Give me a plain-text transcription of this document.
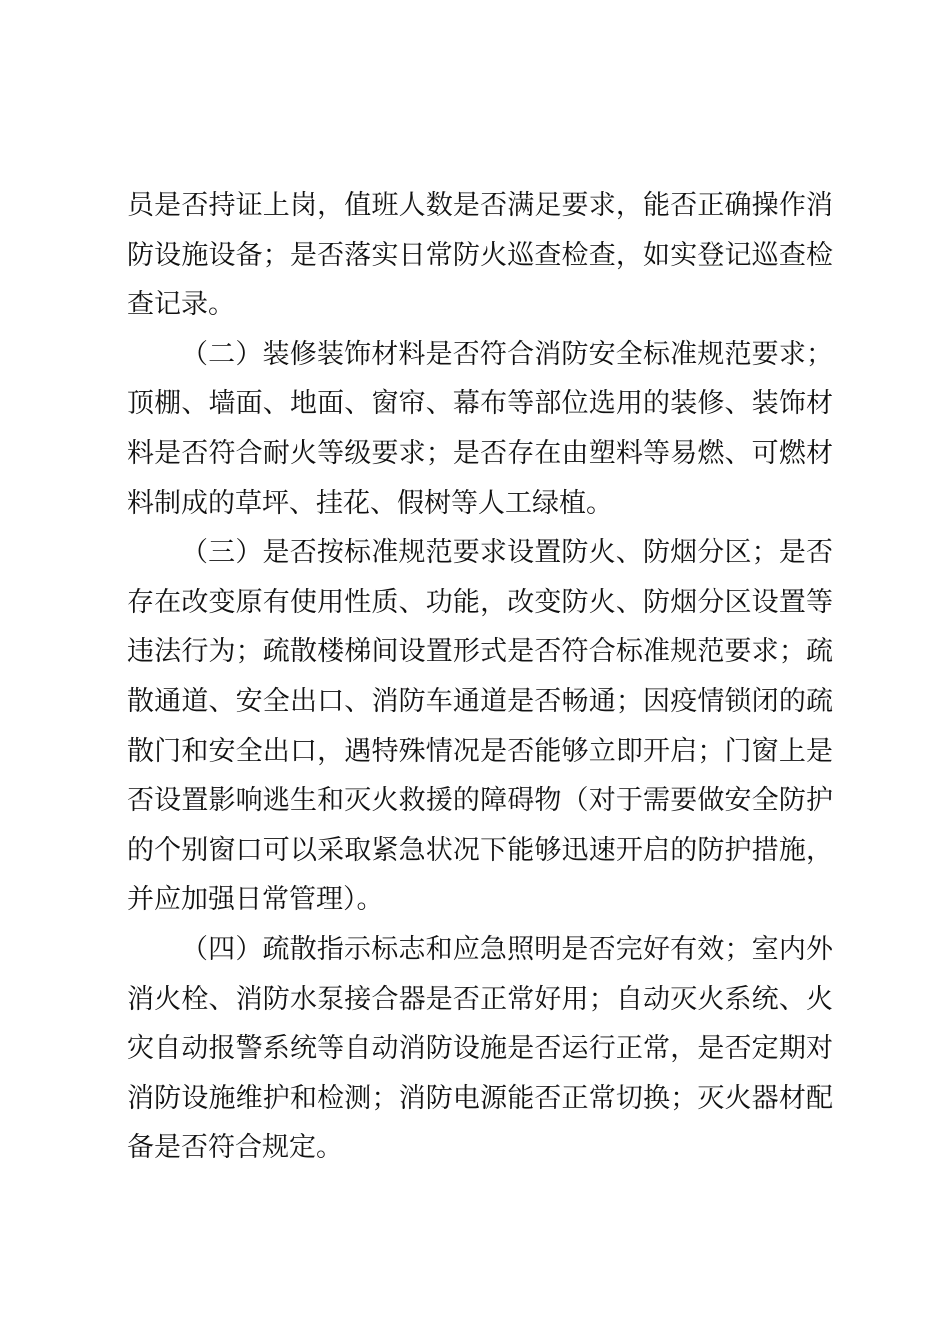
员是否持证上岗，值班人数是否满足要求，能否正确操作消防设施设备；是否落实日常防火巡查检查，如实登记巡查检查记录。

（二）装修装饰材料是否符合消防安全标准规范要求；顶棚、墙面、地面、窗帘、幕布等部位选用的装修、装饰材料是否符合耐火等级要求；是否存在由塑料等易燃、可燃材料制成的草坪、挂花、假树等人工绿植。

（三）是否按标准规范要求设置防火、防烟分区；是否存在改变原有使用性质、功能，改变防火、防烟分区设置等违法行为；疏散楼梯间设置形式是否符合标准规范要求；疏散通道、安全出口、消防车通道是否畅通；因疫情锁闭的疏散门和安全出口，遇特殊情况是否能够立即开启；门窗上是否设置影响逃生和灭火救援的障碍物（对于需要做安全防护的个别窗口可以采取紧急状况下能够迅速开启的防护措施，并应加强日常管理）。

（四）疏散指示标志和应急照明是否完好有效；室内外消火栓、消防水泵接合器是否正常好用；自动灭火系统、火灾自动报警系统等自动消防设施是否运行正常，是否定期对消防设施维护和检测；消防电源能否正常切换；灭火器材配备是否符合规定。
